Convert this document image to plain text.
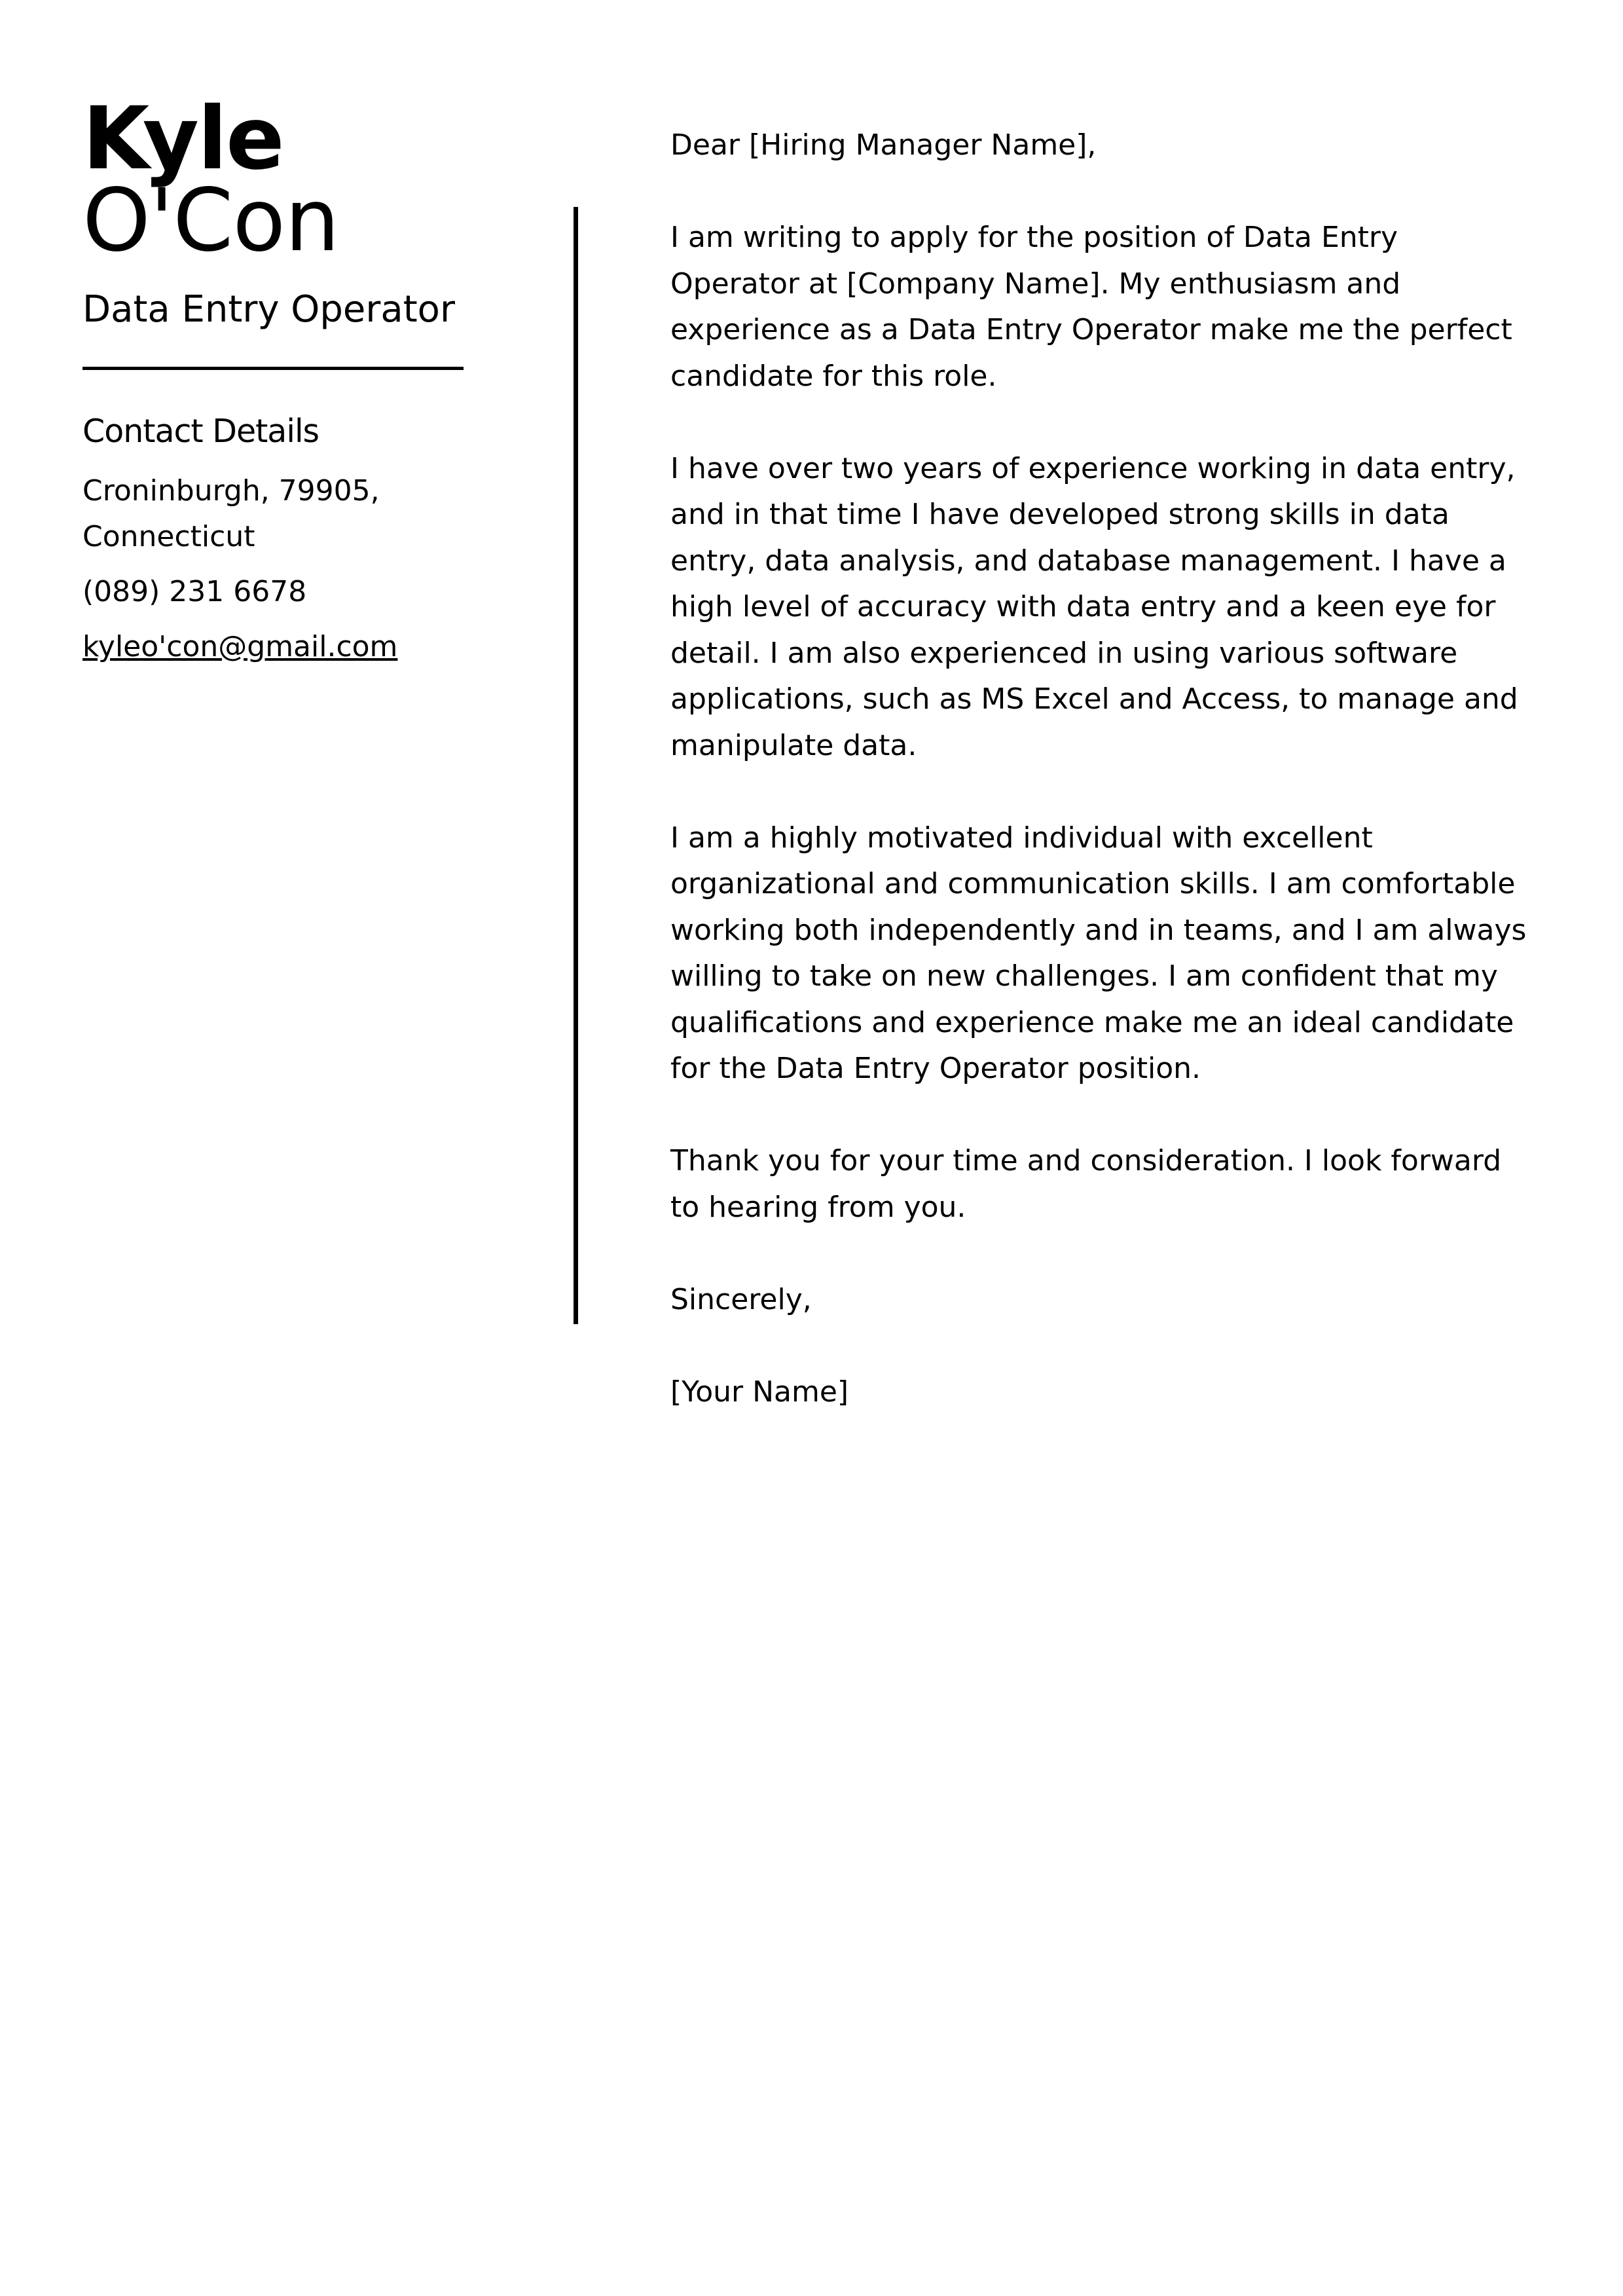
Kyle
O'Con
Data Entry Operator
Contact Details
Croninburgh, 79905, Connecticut
(089) 231 6678
kyleo'con@gmail.com

Dear [Hiring Manager Name],

I am writing to apply for the position of Data Entry Operator at [Company Name]. My enthusiasm and experience as a Data Entry Operator make me the perfect candidate for this role.

I have over two years of experience working in data entry, and in that time I have developed strong skills in data entry, data analysis, and database management. I have a high level of accuracy with data entry and a keen eye for detail. I am also experienced in using various software applications, such as MS Excel and Access, to manage and manipulate data.

I am a highly motivated individual with excellent organizational and communication skills. I am comfortable working both independently and in teams, and I am always willing to take on new challenges. I am confident that my qualifications and experience make me an ideal candidate for the Data Entry Operator position.

Thank you for your time and consideration. I look forward to hearing from you.

Sincerely,

[Your Name]
